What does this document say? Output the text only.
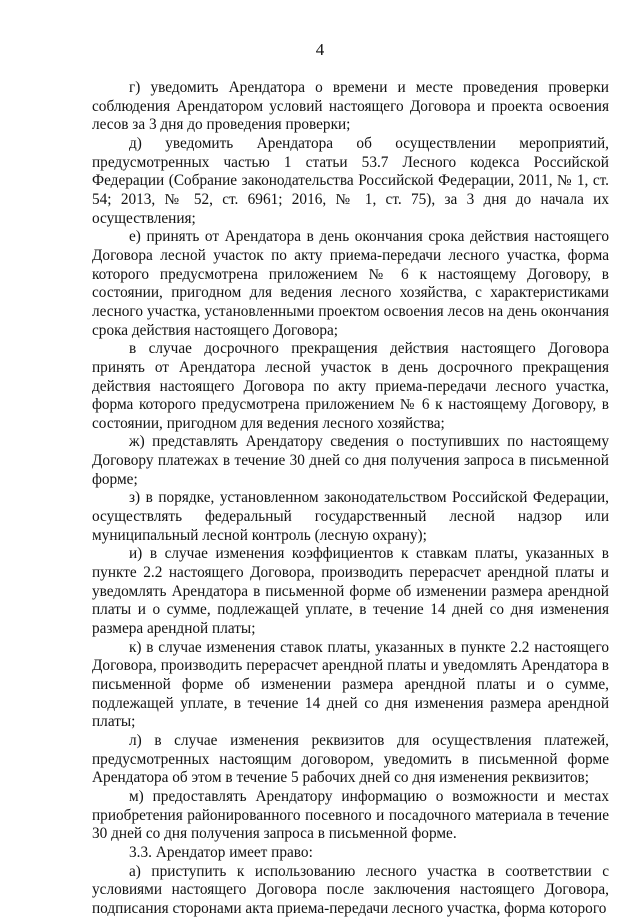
4

г) уведомить Арендатора о времени и месте проведения проверки соблюдения Арендатором условий настоящего Договора и проекта освоения лесов за 3 дня до проведения проверки;

д) уведомить Арендатора об осуществлении мероприятий, предусмотренных частью 1 статьи 53.7 Лесного кодекса Российской Федерации (Собрание законодательства Российской Федерации, 2011, № 1, ст. 54; 2013, № 52, ст. 6961; 2016, № 1, ст. 75), за 3 дня до начала их осуществления;

е) принять от Арендатора в день окончания срока действия настоящего Договора лесной участок по акту приема-передачи лесного участка, форма которого предусмотрена приложением № 6 к настоящему Договору, в состоянии, пригодном для ведения лесного хозяйства, с характеристиками лесного участка, установленными проектом освоения лесов на день окончания срока действия настоящего Договора;

в случае досрочного прекращения действия настоящего Договора принять от Арендатора лесной участок в день досрочного прекращения действия настоящего Договора по акту приема-передачи лесного участка, форма которого предусмотрена приложением № 6 к настоящему Договору, в состоянии, пригодном для ведения лесного хозяйства;

ж) представлять Арендатору сведения о поступивших по настоящему Договору платежах в течение 30 дней со дня получения запроса в письменной форме;

з) в порядке, установленном законодательством Российской Федерации, осуществлять федеральный государственный лесной надзор или муниципальный лесной контроль (лесную охрану);

и) в случае изменения коэффициентов к ставкам платы, указанных в пункте 2.2 настоящего Договора, производить перерасчет арендной платы и уведомлять Арендатора в письменной форме об изменении размера арендной платы и о сумме, подлежащей уплате, в течение 14 дней со дня изменения размера арендной платы;

к) в случае изменения ставок платы, указанных в пункте 2.2 настоящего Договора, производить перерасчет арендной платы и уведомлять Арендатора в письменной форме об изменении размера арендной платы и о сумме, подлежащей уплате, в течение 14 дней со дня изменения размера арендной платы;

л) в случае изменения реквизитов для осуществления платежей, предусмотренных настоящим договором, уведомить в письменной форме Арендатора об этом в течение 5 рабочих дней со дня изменения реквизитов;

м) предоставлять Арендатору информацию о возможности и местах приобретения районированного посевного и посадочного материала в течение 30 дней со дня получения запроса в письменной форме.

3.3. Арендатор имеет право:

а) приступить к использованию лесного участка в соответствии с условиями настоящего Договора после заключения настоящего Договора, подписания сторонами акта приема-передачи лесного участка, форма которого
